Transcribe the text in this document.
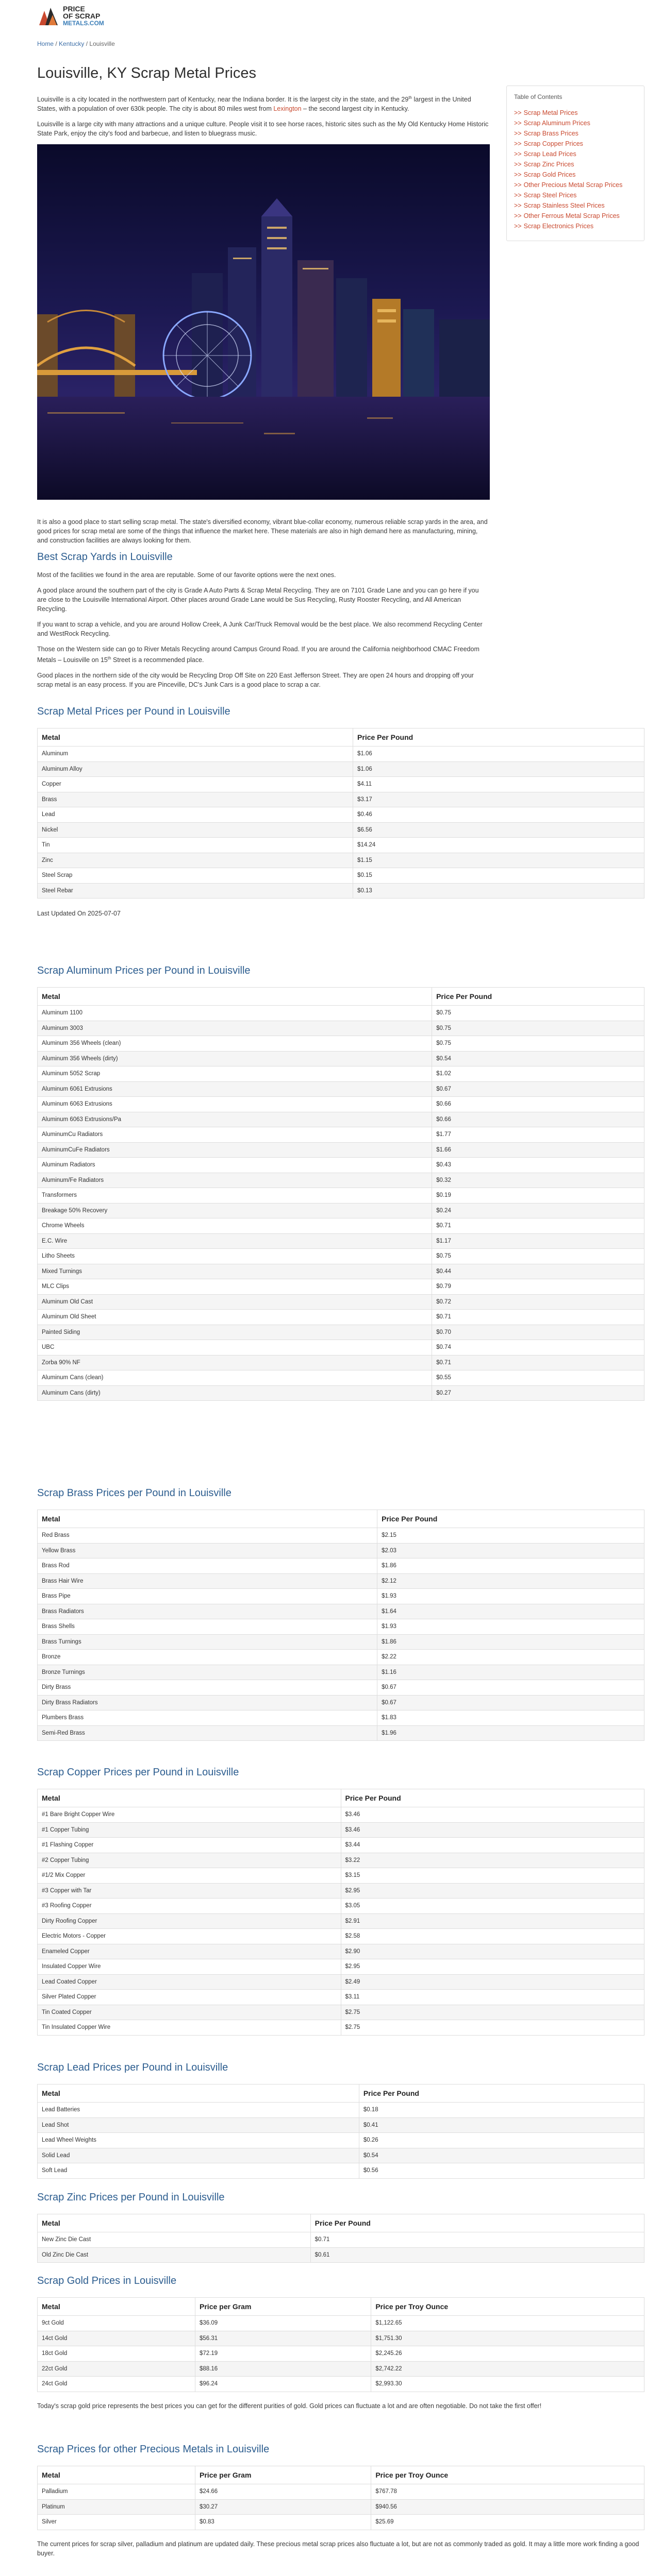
PRICE
OF SCRAP
METALS.COM
Home / Kentucky / Louisville
Louisville, KY Scrap Metal Prices

Louisville is a city located in the northwestern part of Kentucky, near the Indiana border. It is the largest city in the state, and the 29th largest in the United States, with a population of over 630k people. The city is about 80 miles west from Lexington – the second largest city in Kentucky.

Louisville is a large city with many attractions and a unique culture. People visit it to see horse races, historic sites such as the My Old Kentucky Home Historic State Park, enjoy the city's food and barbecue, and listen to bluegrass music.

It is also a good place to start selling scrap metal. The state's diversified economy, vibrant blue-collar economy, numerous reliable scrap yards in the area, and good prices for scrap metal are some of the things that influence the market here. These materials are also in high demand here as manufacturing, mining, and construction facilities are always looking for them.

Best Scrap Yards in Louisville

Most of the facilities we found in the area are reputable. Some of our favorite options were the next ones.

A good place around the southern part of the city is Grade A Auto Parts & Scrap Metal Recycling. They are on 7101 Grade Lane and you can go here if you are close to the Louisville International Airport. Other places around Grade Lane would be Sus Recycling, Rusty Rooster Recycling, and All American Recycling.

If you want to scrap a vehicle, and you are around Hollow Creek, A Junk Car/Truck Removal would be the best place. We also recommend Recycling Center and WestRock Recycling.

Those on the Western side can go to River Metals Recycling around Campus Ground Road. If you are around the California neighborhood CMAC Freedom Metals – Louisville on 15th Street is a recommended place.

Good places in the northern side of the city would be Recycling Drop Off Site on 220 East Jefferson Street. They are open 24 hours and dropping off your scrap metal is an easy process. If you are Pinceville, DC's Junk Cars is a good place to scrap a car.

Table of Contents
>> Scrap Metal Prices
>> Scrap Aluminum Prices
>> Scrap Brass Prices
>> Scrap Copper Prices
>> Scrap Lead Prices
>> Scrap Zinc Prices
>> Scrap Gold Prices
>> Other Precious Metal Scrap Prices
>> Scrap Steel Prices
>> Scrap Stainless Steel Prices
>> Other Ferrous Metal Scrap Prices
>> Scrap Electronics Prices
Scrap Metal Prices per Pound in Louisville
Metal	Price Per Pound
Aluminum	$1.06
Aluminum Alloy	$1.06
Copper	$4.11
Brass	$3.17
Lead	$0.46
Nickel	$6.56
Tin	$14.24
Zinc	$1.15
Steel Scrap	$0.15
Steel Rebar	$0.13

Last Updated On 2025-07-07

Scrap Aluminum Prices per Pound in Louisville
Metal	Price Per Pound
Aluminum 1100	$0.75
Aluminum 3003	$0.75
Aluminum 356 Wheels (clean)	$0.75
Aluminum 356 Wheels (dirty)	$0.54
Aluminum 5052 Scrap	$1.02
Aluminum 6061 Extrusions	$0.67
Aluminum 6063 Extrusions	$0.66
Aluminum 6063 Extrusions/Pa	$0.66
AluminumCu Radiators	$1.77
AluminumCuFe Radiators	$1.66
Aluminum Radiators	$0.43
Aluminum/Fe Radiators	$0.32
Transformers	$0.19
Breakage 50% Recovery	$0.24
Chrome Wheels	$0.71
E.C. Wire	$1.17
Litho Sheets	$0.75
Mixed Turnings	$0.44
MLC Clips	$0.79
Aluminum Old Cast	$0.72
Aluminum Old Sheet	$0.71
Painted Siding	$0.70
UBC	$0.74
Zorba 90% NF	$0.71
Aluminum Cans (clean)	$0.55
Aluminum Cans (dirty)	$0.27
Scrap Brass Prices per Pound in Louisville
Metal	Price Per Pound
Red Brass	$2.15
Yellow Brass	$2.03
Brass Rod	$1.86
Brass Hair Wire	$2.12
Brass Pipe	$1.93
Brass Radiators	$1.64
Brass Shells	$1.93
Brass Turnings	$1.86
Bronze	$2.22
Bronze Turnings	$1.16
Dirty Brass	$0.67
Dirty Brass Radiators	$0.67
Plumbers Brass	$1.83
Semi-Red Brass	$1.96
Scrap Copper Prices per Pound in Louisville
Metal	Price Per Pound
#1 Bare Bright Copper Wire	$3.46
#1 Copper Tubing	$3.46
#1 Flashing Copper	$3.44
#2 Copper Tubing	$3.22
#1/2 Mix Copper	$3.15
#3 Copper with Tar	$2.95
#3 Roofing Copper	$3.05
Dirty Roofing Copper	$2.91
Electric Motors - Copper	$2.58
Enameled Copper	$2.90
Insulated Copper Wire	$2.95
Lead Coated Copper	$2.49
Silver Plated Copper	$3.11
Tin Coated Copper	$2.75
Tin Insulated Copper Wire	$2.75
Scrap Lead Prices per Pound in Louisville
Metal	Price Per Pound
Lead Batteries	$0.18
Lead Shot	$0.41
Lead Wheel Weights	$0.26
Solid Lead	$0.54
Soft Lead	$0.56
Scrap Zinc Prices per Pound in Louisville
Metal	Price Per Pound
New Zinc Die Cast	$0.71
Old Zinc Die Cast	$0.61
Scrap Gold Prices in Louisville
Metal	Price per Gram	Price per Troy Ounce
9ct Gold	$36.09	$1,122.65
14ct Gold	$56.31	$1,751.30
18ct Gold	$72.19	$2,245.26
22ct Gold	$88.16	$2,742.22
24ct Gold	$96.24	$2,993.30

Today's scrap gold price represents the best prices you can get for the different purities of gold. Gold prices can fluctuate a lot and are often negotiable. Do not take the first offer!

Scrap Prices for other Precious Metals in Louisville
Metal	Price per Gram	Price per Troy Ounce
Palladium	$24.66	$767.78
Platinum	$30.27	$940.56
Silver	$0.83	$25.69

The current prices for scrap silver, palladium and platinum are updated daily. These precious metal scrap prices also fluctuate a lot, but are not as commonly traded as gold. It may a little more work finding a good buyer.
